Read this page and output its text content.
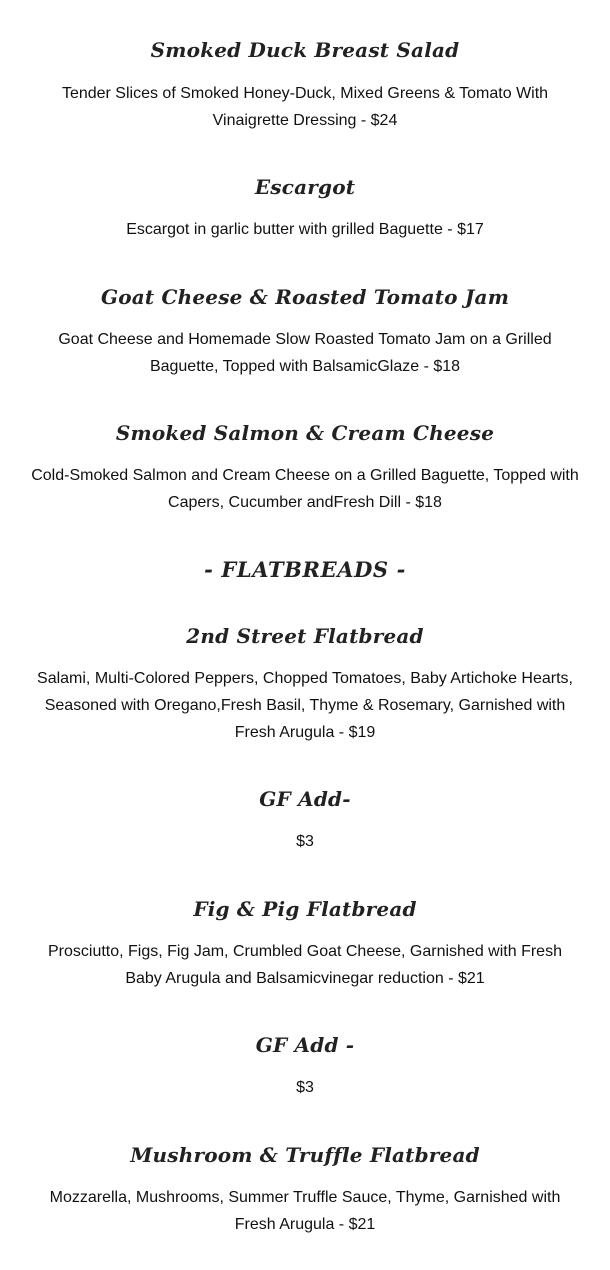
Smoked Duck Breast Salad

Tender Slices of Smoked Honey-Duck, Mixed Greens & Tomato With Vinaigrette Dressing - $24

Escargot

Escargot in garlic butter with grilled Baguette - $17

Goat Cheese & Roasted Tomato Jam

Goat Cheese and Homemade Slow Roasted Tomato Jam on a Grilled Baguette, Topped with BalsamicGlaze - $18

Smoked Salmon & Cream Cheese

Cold-Smoked Salmon and Cream Cheese on a Grilled Baguette, Topped with Capers, Cucumber andFresh Dill - $18

- FLATBREADS -
2nd Street Flatbread

Salami, Multi-Colored Peppers, Chopped Tomatoes, Baby Artichoke Hearts, Seasoned with Oregano,Fresh Basil, Thyme & Rosemary, Garnished with Fresh Arugula - $19

GF Add-

$3

Fig & Pig Flatbread

Prosciutto, Figs, Fig Jam, Crumbled Goat Cheese, Garnished with Fresh Baby Arugula and Balsamicvinegar reduction - $21

GF Add -

$3

Mushroom & Truffle Flatbread

Mozzarella, Mushrooms, Summer Truffle Sauce, Thyme, Garnished with Fresh Arugula - $21
